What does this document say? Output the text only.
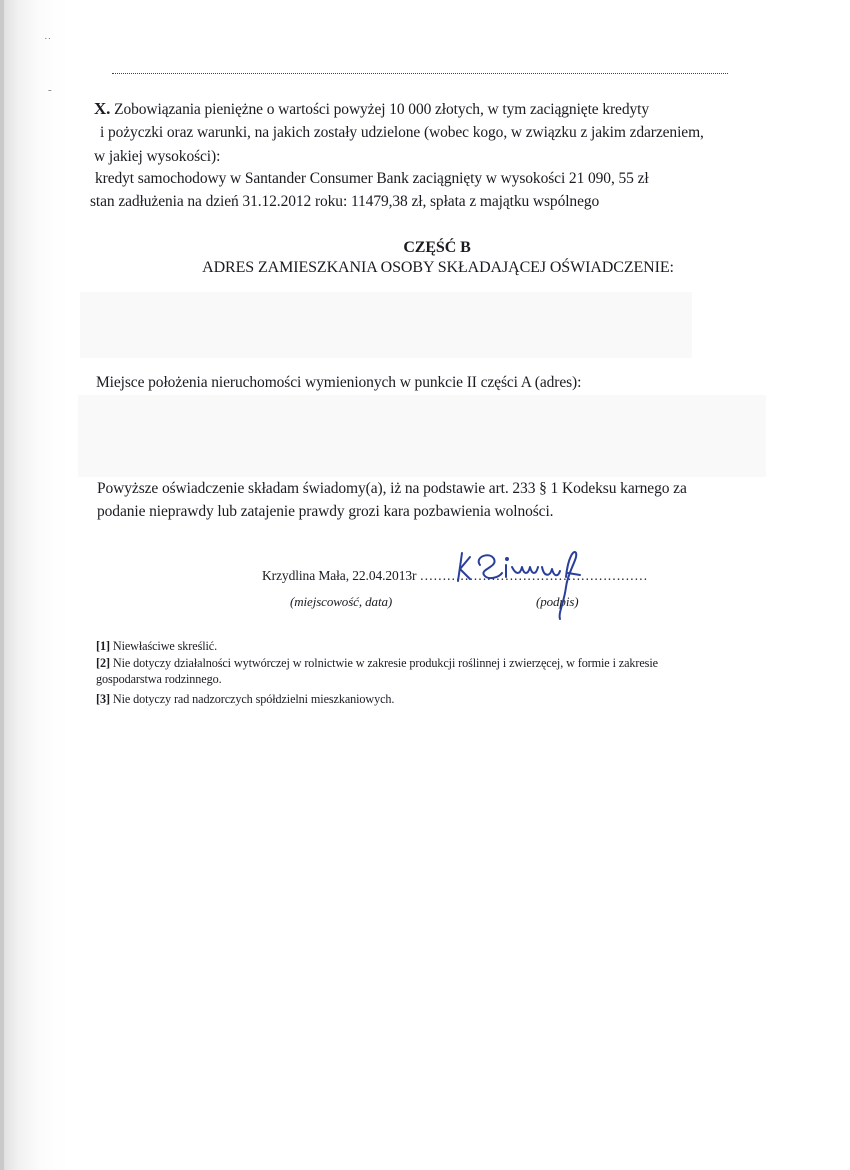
˙˙
-
X. Zobowiązania pieniężne o wartości powyżej 10 000 złotych, w tym zaciągnięte kredyty
i pożyczki oraz warunki, na jakich zostały udzielone (wobec kogo, w związku z jakim zdarzeniem,
w jakiej wysokości):
kredyt samochodowy w Santander Consumer Bank zaciągnięty w wysokości 21 090, 55 zł
stan zadłużenia na dzień 31.12.2012 roku: 11479,38 zł, spłata z majątku wspólnego
CZĘŚĆ B
ADRES ZAMIESZKANIA OSOBY SKŁADAJĄCEJ OŚWIADCZENIE:
Miejsce położenia nieruchomości wymienionych w punkcie II części A (adres):
Powyższe oświadczenie składam świadomy(a), iż na podstawie art. 233 § 1 Kodeksu karnego za
podanie nieprawdy lub zatajenie prawdy grozi kara pozbawienia wolności.
Krzydlina Mała, 22.04.2013r ……………………………………………
(miejscowość, data)	(podpis)
[1] Niewłaściwe skreślić.
[2] Nie dotyczy działalności wytwórczej w rolnictwie w zakresie produkcji roślinnej i zwierzęcej, w formie i zakresie
gospodarstwa rodzinnego.
[3] Nie dotyczy rad nadzorczych spółdzielni mieszkaniowych.
